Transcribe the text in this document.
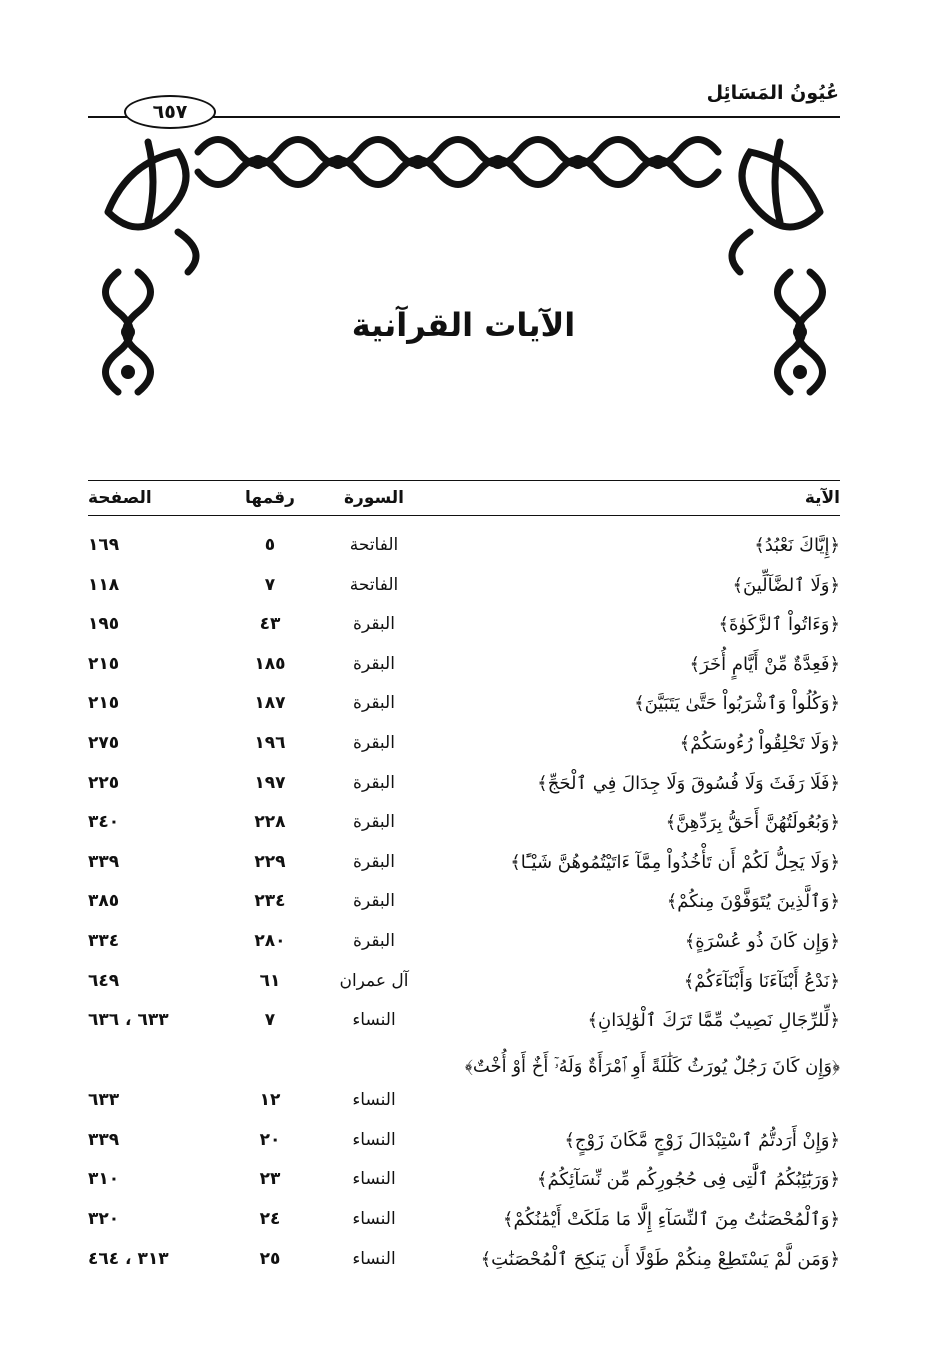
عُيُونُ المَسَائِل
٦٥٧
الآيات القرآنية
الآية
السورة
رقمها
الصفحة
﴿إِيَّاكَ نَعْبُدُ﴾
الفاتحة
٥
١٦٩
﴿وَلَا ٱلضَّآلِّينَ﴾
الفاتحة
٧
١١٨
﴿وَءَاتُواْ ٱلزَّكَوٰةَ﴾
البقرة
٤٣
١٩٥
﴿فَعِدَّةٌ مِّنْ أَيَّامٍ أُخَرَ﴾
البقرة
١٨٥
٢١٥
﴿وَكُلُواْ وَٱشْرَبُواْ حَتَّىٰ يَتَبَيَّنَ﴾
البقرة
١٨٧
٢١٥
﴿وَلَا تَحْلِقُواْ رُءُوسَكُمْ﴾
البقرة
١٩٦
٢٧٥
﴿فَلَا رَفَثَ وَلَا فُسُوقَ وَلَا جِدَالَ فِي ٱلْحَجِّ﴾
البقرة
١٩٧
٢٢٥
﴿وَبُعُولَتُهُنَّ أَحَقُّ بِرَدِّهِنَّ﴾
البقرة
٢٢٨
٣٤٠
﴿وَلَا يَحِلُّ لَكُمْ أَن تَأْخُذُواْ مِمَّآ ءَاتَيْتُمُوهُنَّ شَيْـًٔا﴾
البقرة
٢٢٩
٣٣٩
﴿وَٱلَّذِينَ يُتَوَفَّوْنَ مِنكُمْ﴾
البقرة
٢٣٤
٣٨٥
﴿وَإِن كَانَ ذُو عُسْرَةٍ﴾
البقرة
٢٨٠
٣٣٤
﴿نَدْعُ أَبْنَآءَنَا وَأَبْنَآءَكُمْ﴾
آل عمران
٦١
٦٤٩
﴿لِّلرِّجَالِ نَصِيبٌ مِّمَّا تَرَكَ ٱلْوَٰلِدَانِ﴾
النساء
٧
٦٣٣ ، ٦٣٦
﴿وَإِن كَانَ رَجُلٌ يُورَثُ كَلَٰلَةً أَوِ ٱمْرَأَةٌ وَلَهُۥٓ أَخٌ أَوْ أُخْتٌ﴾
النساء
١٢
٦٣٣
﴿وَإِنْ أَرَدتُّمُ ٱسْتِبْدَالَ زَوْجٍ مَّكَانَ زَوْجٍ﴾
النساء
٢٠
٣٣٩
﴿وَرَبَٰٓئِبُكُمُ ٱلَّٰتِى فِى حُجُورِكُم مِّن نِّسَآئِكُمُ﴾
النساء
٢٣
٣١٠
﴿وَٱلْمُحْصَنَٰتُ مِنَ ٱلنِّسَآءِ إِلَّا مَا مَلَكَتْ أَيْمَٰنُكُمْ﴾
النساء
٢٤
٣٢٠
﴿وَمَن لَّمْ يَسْتَطِعْ مِنكُمْ طَوْلًا أَن يَنكِحَ ٱلْمُحْصَنَٰتِ﴾
النساء
٢٥
٣١٣ ، ٤٦٤
